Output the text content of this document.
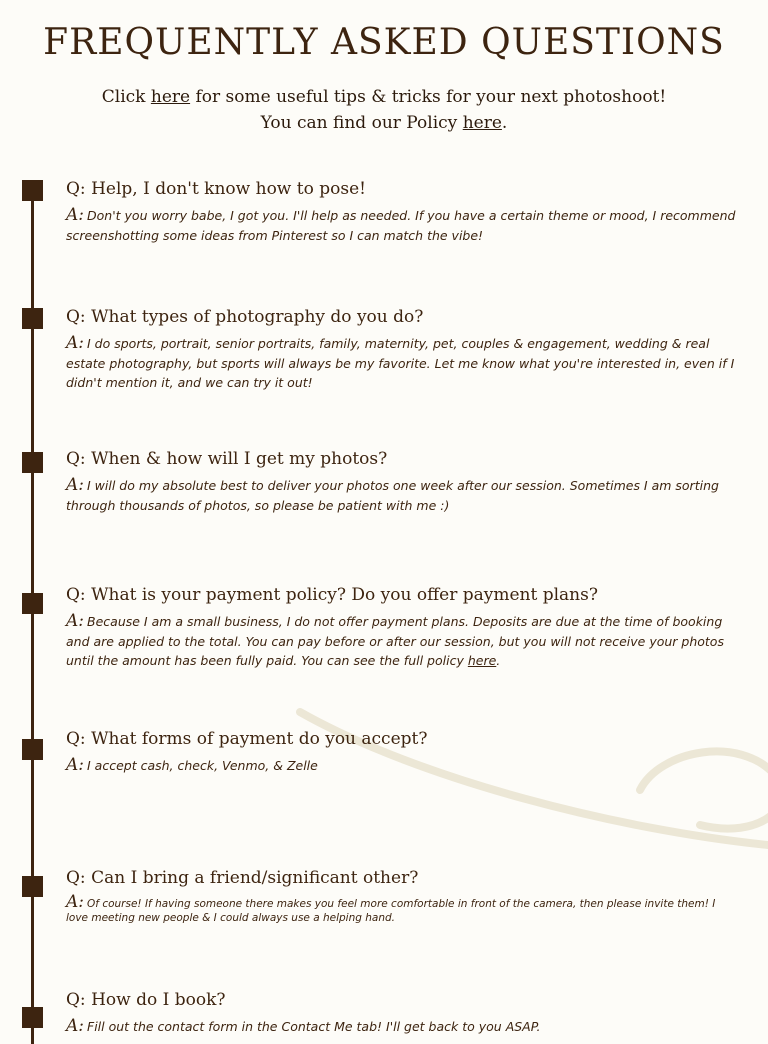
FREQUENTLY ASKED QUESTIONS
Click here for some useful tips & tricks for your next photoshoot!
You can find our Policy here.

Q: Help, I don't know how to pose!

A: Don't you worry babe, I got you. I'll help as needed. If you have a certain theme or mood, I recommend screenshotting some ideas from Pinterest so I can match the vibe!

Q: What types of photography do you do?

A: I do sports, portrait, senior portraits, family, maternity, pet, couples & engagement, wedding & real estate photography, but sports will always be my favorite. Let me know what you're interested in, even if I didn't mention it, and we can try it out!

Q: When & how will I get my photos?

A: I will do my absolute best to deliver your photos one week after our session. Sometimes I am sorting through thousands of photos, so please be patient with me :)

Q: What is your payment policy? Do you offer payment plans?

A: Because I am a small business, I do not offer payment plans. Deposits are due at the time of booking and are applied to the total. You can pay before or after our session, but you will not receive your photos until the amount has been fully paid. You can see the full policy here.

Q: What forms of payment do you accept?

A: I accept cash, check, Venmo, & Zelle

Q: Can I bring a friend/significant other?

A: Of course! If having someone there makes you feel more comfortable in front of the camera, then please invite them! I love meeting new people & I could always use a helping hand.

Q: How do I book?

A: Fill out the contact form in the Contact Me tab! I'll get back to you ASAP.
